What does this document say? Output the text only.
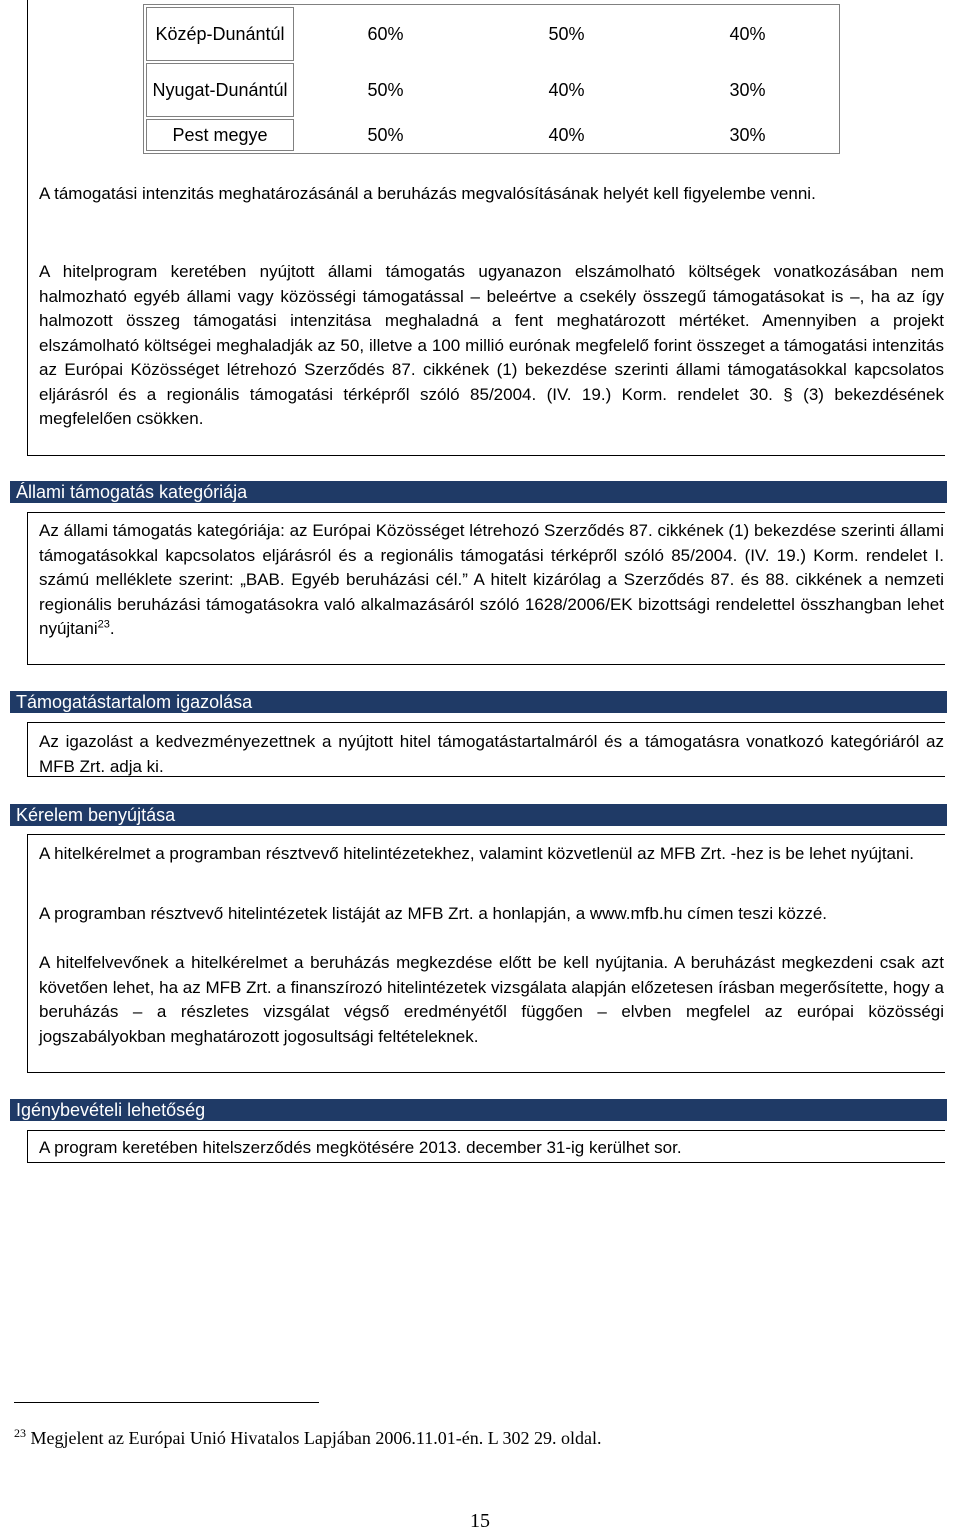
Közép-Dunántúl	60%	50%	40%
Nyugat-Dunántúl	50%	40%	30%
Pest megye	50%	40%	30%

A támogatási intenzitás meghatározásánál a beruházás megvalósításának helyét kell figyelembe venni.

A hitelprogram keretében nyújtott állami támogatás ugyanazon elszámolható költségek vonatkozásában nem halmozható egyéb állami vagy közösségi támogatással – beleértve a csekély összegű támogatásokat is –, ha az így halmozott összeg támogatási intenzitása meghaladná a fent meghatározott mértéket. Amennyiben a projekt elszámolható költségei meghaladják az 50, illetve a 100 millió eurónak megfelelő forint összeget a támogatási intenzitás az Európai Közösséget létrehozó Szerződés 87. cikkének (1) bekezdése szerinti állami támogatásokkal kapcsolatos eljárásról és a regionális támogatási térképről szóló 85/2004. (IV. 19.) Korm. rendelet 30. § (3) bekezdésének megfelelően csökken.

Állami támogatás kategóriája

Az állami támogatás kategóriája: az Európai Közösséget létrehozó Szerződés 87. cikkének (1) bekezdése szerinti állami támogatásokkal kapcsolatos eljárásról és a regionális támogatási térképről szóló 85/2004. (IV. 19.) Korm. rendelet I. számú melléklete szerint: „BAB. Egyéb beruházási cél.” A hitelt kizárólag a Szerződés 87. és 88. cikkének a nemzeti regionális beruházási támogatásokra való alkalmazásáról szóló 1628/2006/EK bizottsági rendelettel összhangban lehet nyújtani$^{23}$.

Támogatástartalom igazolása

Az igazolást a kedvezményezettnek a nyújtott hitel támogatástartalmáról és a támogatásra vonatkozó kategóriáról az MFB Zrt. adja ki.

Kérelem benyújtása

A hitelkérelmet a programban résztvevő hitelintézetekhez, valamint közvetlenül az MFB Zrt. -hez is be lehet nyújtani.

A programban résztvevő hitelintézetek listáját az MFB Zrt. a honlapján, a www.mfb.hu címen teszi közzé.

A hitelfelvevőnek a hitelkérelmet a beruházás megkezdése előtt be kell nyújtania. A beruházást megkezdeni csak azt követően lehet, ha az MFB Zrt. a finanszírozó hitelintézetek vizsgálata alapján előzetesen írásban megerősítette, hogy a beruházás – a részletes vizsgálat végső eredményétől függően – elvben megfelel az európai közösségi jogszabályokban meghatározott jogosultsági feltételeknek.

Igénybevételi lehetőség

A program keretében hitelszerződés megkötésére 2013. december 31-ig kerülhet sor.

$^{23}$ Megjelent az Európai Unió Hivatalos Lapjában 2006.11.01-én. L 302 29. oldal.
15
